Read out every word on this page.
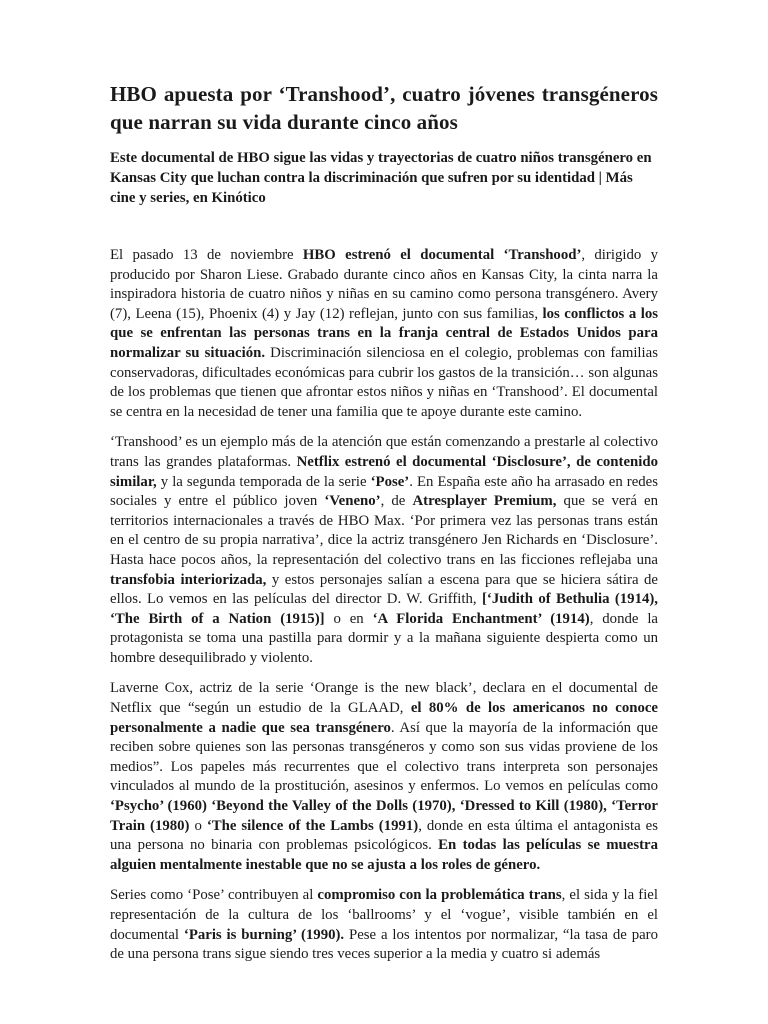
HBO apuesta por ‘Transhood’, cuatro jóvenes transgéneros que narran su vida durante cinco años
Este documental de HBO sigue las vidas y trayectorias de cuatro niños transgénero en Kansas City que luchan contra la discriminación que sufren por su identidad | Más cine y series, en Kinótico

El pasado 13 de noviembre HBO estrenó el documental ‘Transhood’, dirigido y producido por Sharon Liese. Grabado durante cinco años en Kansas City, la cinta narra la inspiradora historia de cuatro niños y niñas en su camino como persona transgénero. Avery (7), Leena (15), Phoenix (4) y Jay (12) reflejan, junto con sus familias, los conflictos a los que se enfrentan las personas trans en la franja central de Estados Unidos para normalizar su situación. Discriminación silenciosa en el colegio, problemas con familias conservadoras, dificultades económicas para cubrir los gastos de la transición… son algunas de los problemas que tienen que afrontar estos niños y niñas en ‘Transhood’. El documental se centra en la necesidad de tener una familia que te apoye durante este camino.

‘Transhood’ es un ejemplo más de la atención que están comenzando a prestarle al colectivo trans las grandes plataformas. Netflix estrenó el documental ‘Disclosure’, de contenido similar, y la segunda temporada de la serie ‘Pose’. En España este año ha arrasado en redes sociales y entre el público joven ‘Veneno’, de Atresplayer Premium, que se verá en territorios internacionales a través de HBO Max. ‘Por primera vez las personas trans están en el centro de su propia narrativa’, dice la actriz transgénero Jen Richards en ‘Disclosure’. Hasta hace pocos años, la representación del colectivo trans en las ficciones reflejaba una transfobia interiorizada, y estos personajes salían a escena para que se hiciera sátira de ellos. Lo vemos en las películas del director D. W. Griffith, [‘Judith of Bethulia (1914), ‘The Birth of a Nation (1915)] o en ‘A Florida Enchantment’ (1914), donde la protagonista se toma una pastilla para dormir y a la mañana siguiente despierta como un hombre desequilibrado y violento.

Laverne Cox, actriz de la serie ‘Orange is the new black’, declara en el documental de Netflix que “según un estudio de la GLAAD, el 80% de los americanos no conoce personalmente a nadie que sea transgénero. Así que la mayoría de la información que reciben sobre quienes son las personas transgéneros y como son sus vidas proviene de los medios”. Los papeles más recurrentes que el colectivo trans interpreta son personajes vinculados al mundo de la prostitución, asesinos y enfermos. Lo vemos en películas como ‘Psycho’ (1960) ‘Beyond the Valley of the Dolls (1970), ‘Dressed to Kill (1980), ‘Terror Train (1980) o ‘The silence of the Lambs (1991), donde en esta última el antagonista es una persona no binaria con problemas psicológicos. En todas las películas se muestra alguien mentalmente inestable que no se ajusta a los roles de género.

Series como ‘Pose’ contribuyen al compromiso con la problemática trans, el sida y la fiel representación de la cultura de los ‘ballrooms’ y el ‘vogue’, visible también en el documental ‘Paris is burning’ (1990). Pese a los intentos por normalizar, “la tasa de paro de una persona trans sigue siendo tres veces superior a la media y cuatro si además
